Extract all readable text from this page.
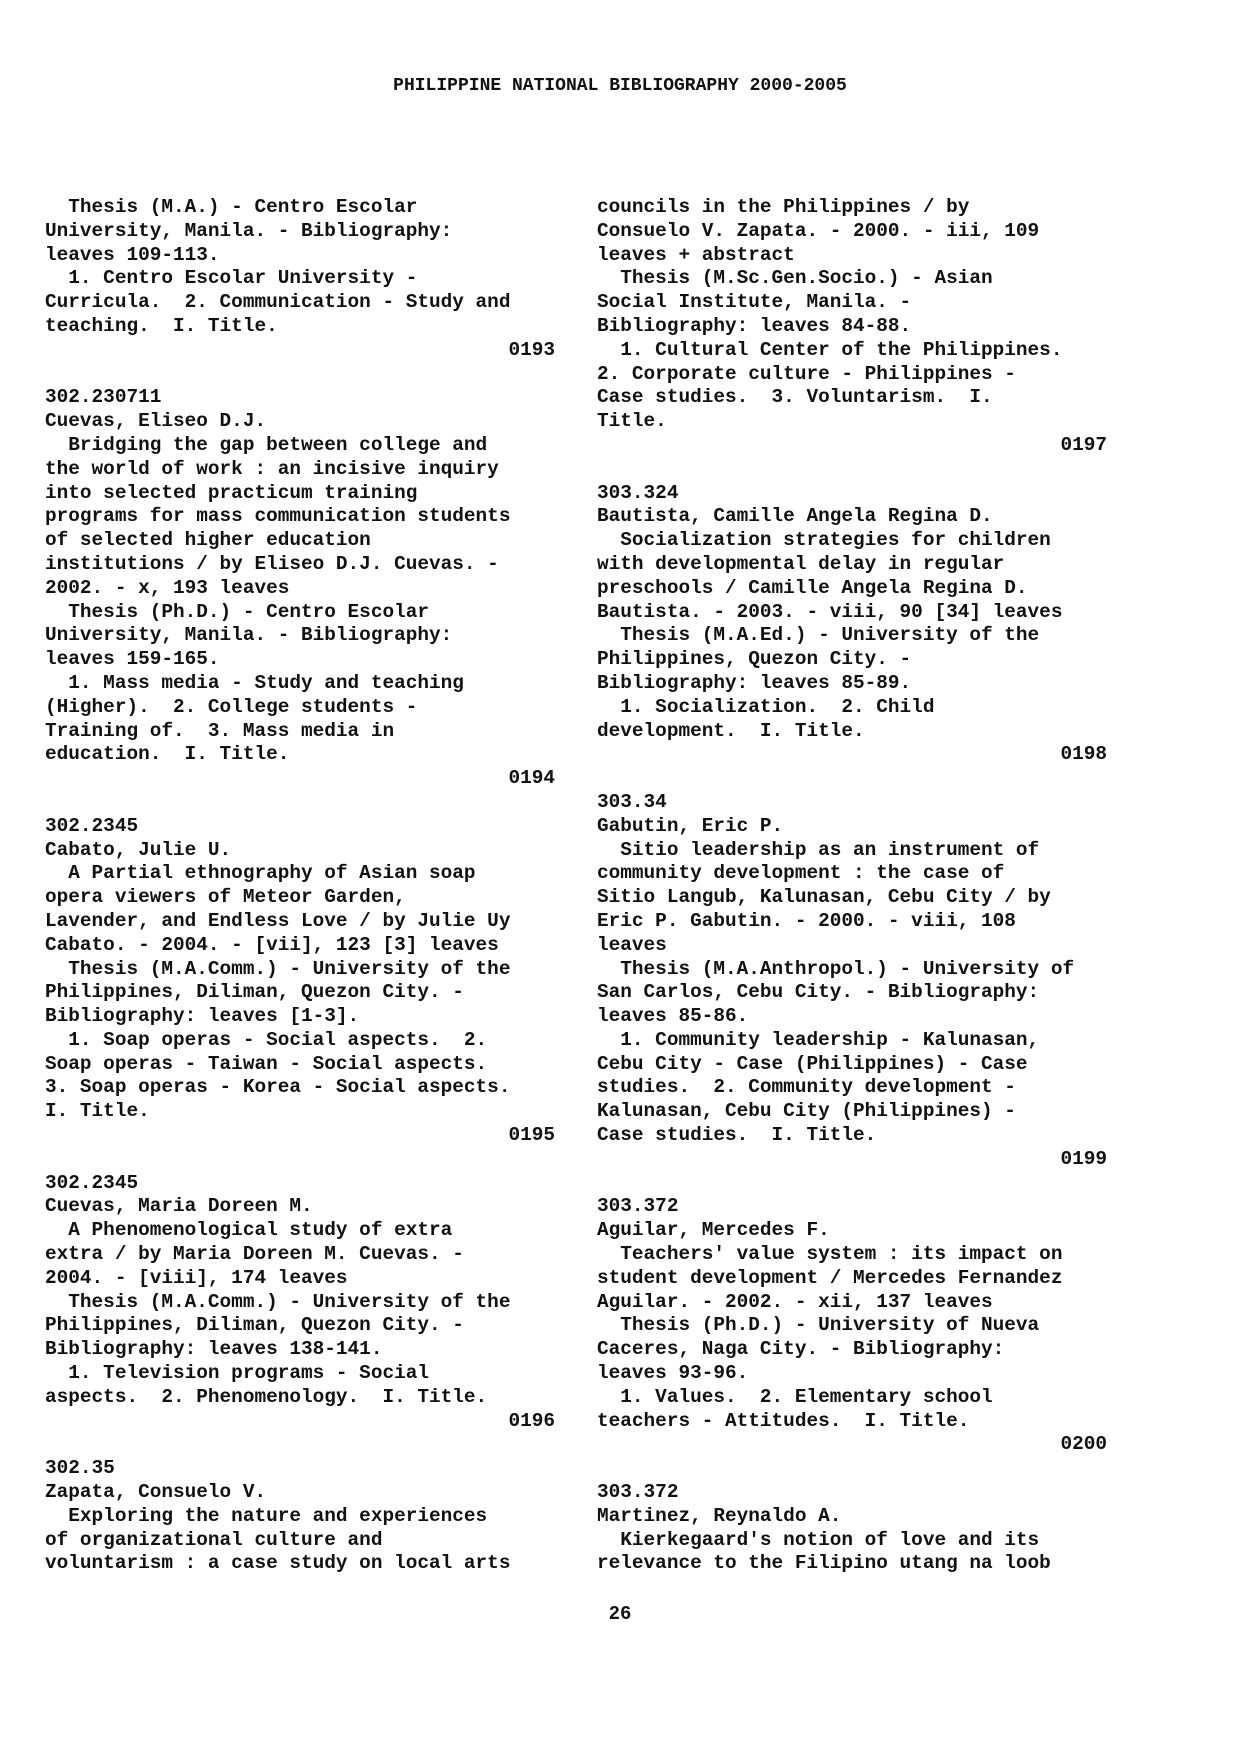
PHILIPPINE NATIONAL BIBLIOGRAPHY 2000-2005
Thesis (M.A.) - Centro Escolar
University, Manila. - Bibliography:
leaves 109-113.
1. Centro Escolar University -
Curricula.  2. Communication - Study and
teaching.  I. Title.
0193
302.230711
Cuevas, Eliseo D.J.
Bridging the gap between college and
the world of work : an incisive inquiry
into selected practicum training
programs for mass communication students
of selected higher education
institutions / by Eliseo D.J. Cuevas. -
2002. - x, 193 leaves
Thesis (Ph.D.) - Centro Escolar
University, Manila. - Bibliography:
leaves 159-165.
1. Mass media - Study and teaching
(Higher).  2. College students -
Training of.  3. Mass media in
education.  I. Title.
0194
302.2345
Cabato, Julie U.
A Partial ethnography of Asian soap
opera viewers of Meteor Garden,
Lavender, and Endless Love / by Julie Uy
Cabato. - 2004. - [vii], 123 [3] leaves
Thesis (M.A.Comm.) - University of the
Philippines, Diliman, Quezon City. -
Bibliography: leaves [1-3].
1. Soap operas - Social aspects.  2.
Soap operas - Taiwan - Social aspects.
3. Soap operas - Korea - Social aspects.
I. Title.
0195
302.2345
Cuevas, Maria Doreen M.
A Phenomenological study of extra
extra / by Maria Doreen M. Cuevas. -
2004. - [viii], 174 leaves
Thesis (M.A.Comm.) - University of the
Philippines, Diliman, Quezon City. -
Bibliography: leaves 138-141.
1. Television programs - Social
aspects.  2. Phenomenology.  I. Title.
0196
302.35
Zapata, Consuelo V.
Exploring the nature and experiences
of organizational culture and
voluntarism : a case study on local arts
councils in the Philippines / by
Consuelo V. Zapata. - 2000. - iii, 109
leaves + abstract
Thesis (M.Sc.Gen.Socio.) - Asian
Social Institute, Manila. -
Bibliography: leaves 84-88.
1. Cultural Center of the Philippines.
2. Corporate culture - Philippines -
Case studies.  3. Voluntarism.  I.
Title.
0197
303.324
Bautista, Camille Angela Regina D.
Socialization strategies for children
with developmental delay in regular
preschools / Camille Angela Regina D.
Bautista. - 2003. - viii, 90 [34] leaves
Thesis (M.A.Ed.) - University of the
Philippines, Quezon City. -
Bibliography: leaves 85-89.
1. Socialization.  2. Child
development.  I. Title.
0198
303.34
Gabutin, Eric P.
Sitio leadership as an instrument of
community development : the case of
Sitio Langub, Kalunasan, Cebu City / by
Eric P. Gabutin. - 2000. - viii, 108
leaves
Thesis (M.A.Anthropol.) - University of
San Carlos, Cebu City. - Bibliography:
leaves 85-86.
1. Community leadership - Kalunasan,
Cebu City - Case (Philippines) - Case
studies.  2. Community development -
Kalunasan, Cebu City (Philippines) -
Case studies.  I. Title.
0199
303.372
Aguilar, Mercedes F.
Teachers' value system : its impact on
student development / Mercedes Fernandez
Aguilar. - 2002. - xii, 137 leaves
Thesis (Ph.D.) - University of Nueva
Caceres, Naga City. - Bibliography:
leaves 93-96.
1. Values.  2. Elementary school
teachers - Attitudes.  I. Title.
0200
303.372
Martinez, Reynaldo A.
Kierkegaard's notion of love and its
relevance to the Filipino utang na loob
26
